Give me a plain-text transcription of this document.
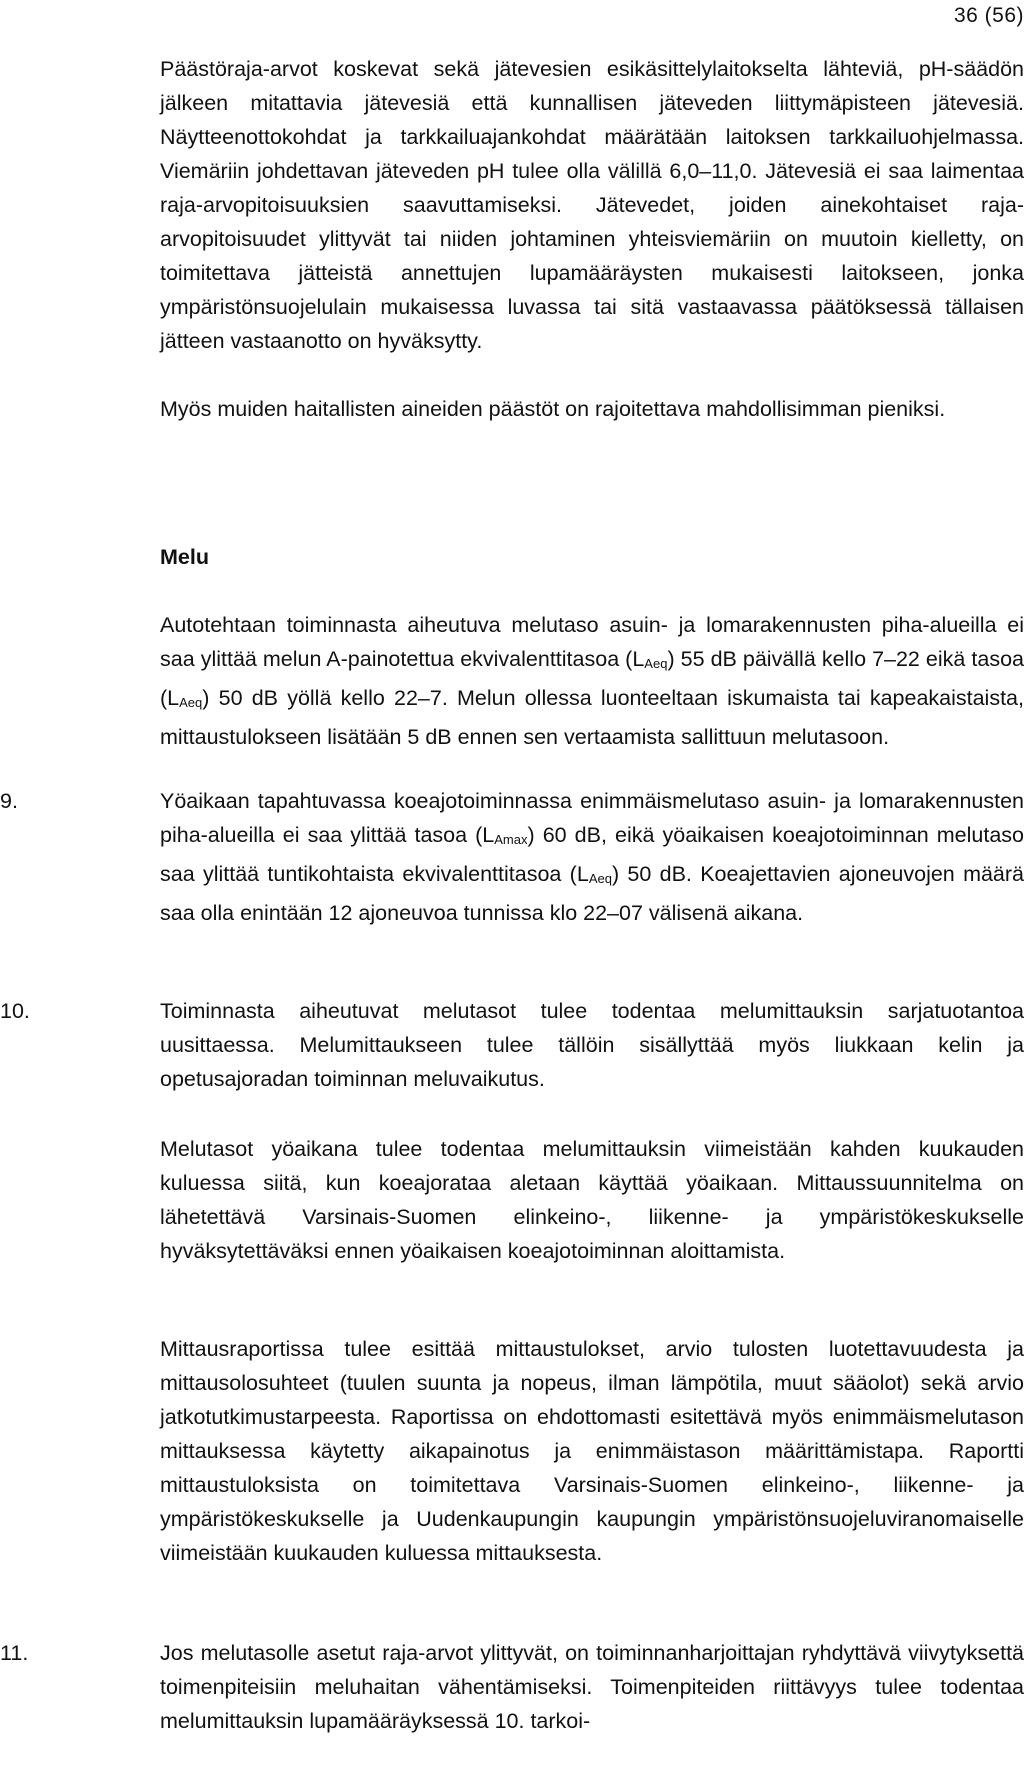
36 (56)
Päästöraja-arvot koskevat sekä jätevesien esikäsittelylaitokselta lähteviä, pH-säädön jälkeen mitattavia jätevesiä että kunnallisen jäteveden liittymäpisteen jätevesiä. Näytteenottokohdat ja tarkkailuajankohdat määrätään laitoksen tarkkailuohjelmassa. Viemäriin johdettavan jäteveden pH tulee olla välillä 6,0–11,0. Jätevesiä ei saa laimentaa raja-arvopitoisuuksien saavuttamiseksi. Jätevedet, joiden ainekohtaiset raja-arvopitoisuudet ylittyvät tai niiden johtaminen yhteisviemäriin on muutoin kielletty, on toimitettava jätteistä annettujen lupamääräysten mukaisesti laitokseen, jonka ympäristönsuojelulain mukaisessa luvassa tai sitä vastaavassa päätöksessä tällaisen jätteen vastaanotto on hyväksytty.
Myös muiden haitallisten aineiden päästöt on rajoitettava mahdollisimman pieniksi.
Melu
Autotehtaan toiminnasta aiheutuva melutaso asuin- ja lomarakennusten piha-alueilla ei saa ylittää melun A-painotettua ekvivalenttitasoa (LAeq) 55 dB päivällä kello 7–22 eikä tasoa (LAeq) 50 dB yöllä kello 22–7. Melun ollessa luonteeltaan iskumaista tai kapeakaistaista, mittaustulokseen lisätään 5 dB ennen sen vertaamista sallittuun melutasoon.
9.	Yöaikaan tapahtuvassa koeajotoiminnassa enimmäismelutaso asuin- ja lomarakennusten piha-alueilla ei saa ylittää tasoa (LAmax) 60 dB, eikä yöaikaisen koeajotoiminnan melutaso saa ylittää tuntikohtaista ekvivalenttitasoa (LAeq) 50 dB. Koeajettavien ajoneuvojen määrä saa olla enintään 12 ajoneuvoa tunnissa klo 22–07 välisenä aikana.
10.	Toiminnasta aiheutuvat melutasot tulee todentaa melumittauksin sarjatuotantoa uusittaessa. Melumittaukseen tulee tällöin sisällyttää myös liukkaan kelin ja opetusajoradan toiminnan meluvaikutus.
Melutasot yöaikana tulee todentaa melumittauksin viimeistään kahden kuukauden kuluessa siitä, kun koeajorataa aletaan käyttää yöaikaan. Mittaussuunnitelma on lähetettävä Varsinais-Suomen elinkeino-, liikenne- ja ympäristökeskukselle hyväksytettäväksi ennen yöaikaisen koeajotoiminnan aloittamista.
Mittausraportissa tulee esittää mittaustulokset, arvio tulosten luotettavuudesta ja mittausolosuhteet (tuulen suunta ja nopeus, ilman lämpötila, muut sääolot) sekä arvio jatkotutkimustarpeesta. Raportissa on ehdottomasti esitettävä myös enimmäismelutason mittauksessa käytetty aikapainotus ja enimmäistason määrittämistapa. Raportti mittaustuloksista on toimitettava Varsinais-Suomen elinkeino-, liikenne- ja ympäristökeskukselle ja Uudenkaupungin kaupungin ympäristönsuojeluviranomaiselle viimeistään kuukauden kuluessa mittauksesta.
11.	Jos melutasolle asetut raja-arvot ylittyvät, on toiminnanharjoittajan ryhdyttävä viivytyksettä toimenpiteisiin meluhaitan vähentämiseksi. Toimenpiteiden riittävyys tulee todentaa melumittauksin lupamääräyksessä 10. tarkoi-
